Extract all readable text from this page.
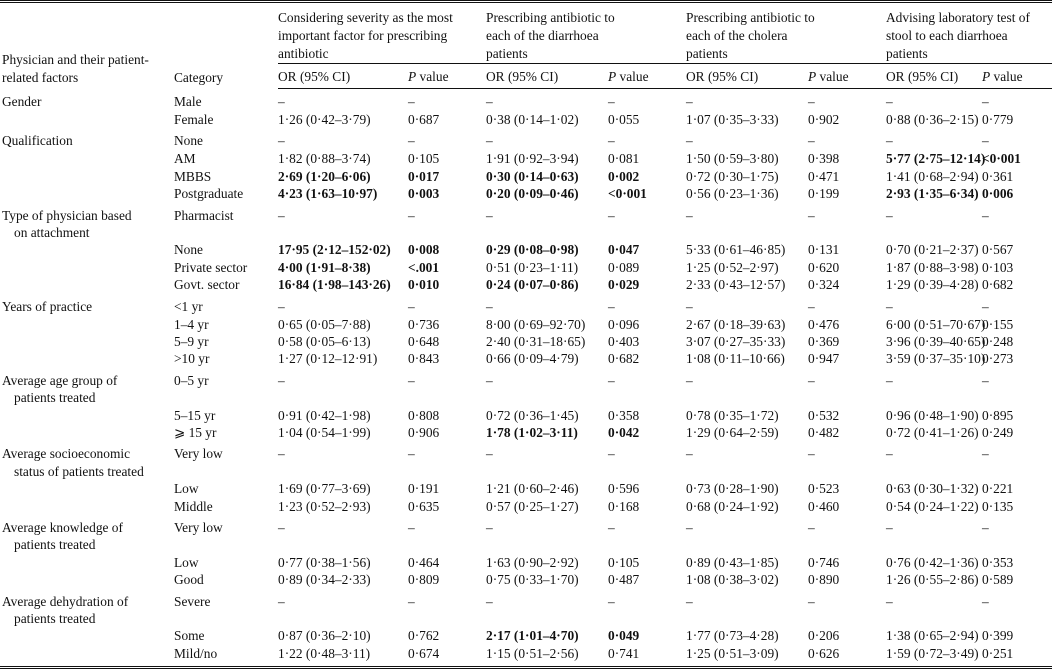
Physician and their patient-related factors	Category	Considering severity as the most important factor for prescribing antibiotic		Prescribing antibiotic to each of the diarrhoea patients		Prescribing antibiotic to each of the cholera patients		Advising laboratory test of stool to each diarrhoea patients	

		OR (95% CI)	P value	OR (95% CI)	P value	OR (95% CI)	P value	OR (95% CI)	P value

Gender	Male	–	–	–	–	–	–	–	–
	Female	1·26 (0·42–3·79)	0·687	0·38 (0·14–1·02)	0·055	1·07 (0·35–3·33)	0·902	0·88 (0·36–2·15)	0·779

Qualification	None	–	–	–	–	–	–	–	–
	AM	1·82 (0·88–3·74)	0·105	1·91 (0·92–3·94)	0·081	1·50 (0·59–3·80)	0·398	5·77 (2·75–12·14)	<0·001
	MBBS	2·69 (1·20–6·06)	0·017	0·30 (0·14–0·63)	0·002	0·72 (0·30–1·75)	0·471	1·41 (0·68–2·94)	0·361
	Postgraduate	4·23 (1·63–10·97)	0·003	0·20 (0·09–0·46)	<0·001	0·56 (0·23–1·36)	0·199	2·93 (1·35–6·34)	0·006

Type of physician based
on attachment	Pharmacist	–	–	–	–	–	–	–	–
	None	17·95 (2·12–152·02)	0·008	0·29 (0·08–0·98)	0·047	5·33 (0·61–46·85)	0·131	0·70 (0·21–2·37)	0·567
	Private sector	4·00 (1·91–8·38)	<.001	0·51 (0·23–1·11)	0·089	1·25 (0·52–2·97)	0·620	1·87 (0·88–3·98)	0·103
	Govt. sector	16·84 (1·98–143·26)	0·010	0·24 (0·07–0·86)	0·029	2·33 (0·43–12·57)	0·324	1·29 (0·39–4·28)	0·682

Years of practice	<1 yr	–	–	–	–	–	–	–	–
	1–4 yr	0·65 (0·05–7·88)	0·736	8·00 (0·69–92·70)	0·096	2·67 (0·18–39·63)	0·476	6·00 (0·51–70·67)	0·155
	5–9 yr	0·58 (0·05–6·13)	0·648	2·40 (0·31–18·65)	0·403	3·07 (0·27–35·33)	0·369	3·96 (0·39–40·65)	0·248
	>10 yr	1·27 (0·12–12·91)	0·843	0·66 (0·09–4·79)	0·682	1·08 (0·11–10·66)	0·947	3·59 (0·37–35·10)	0·273

Average age group of
patients treated	0–5 yr	–	–	–	–	–	–	–	–
	5–15 yr	0·91 (0·42–1·98)	0·808	0·72 (0·36–1·45)	0·358	0·78 (0·35–1·72)	0·532	0·96 (0·48–1·90)	0·895
	⩾ 15 yr	1·04 (0·54–1·99)	0·906	1·78 (1·02–3·11)	0·042	1·29 (0·64–2·59)	0·482	0·72 (0·41–1·26)	0·249

Average socioeconomic
status of patients treated	Very low	–	–	–	–	–	–	–	–
	Low	1·69 (0·77–3·69)	0·191	1·21 (0·60–2·46)	0·596	0·73 (0·28–1·90)	0·523	0·63 (0·30–1·32)	0·221
	Middle	1·23 (0·52–2·93)	0·635	0·57 (0·25–1·27)	0·168	0·68 (0·24–1·92)	0·460	0·54 (0·24–1·22)	0·135

Average knowledge of
patients treated	Very low	–	–	–	–	–	–	–	–
	Low	0·77 (0·38–1·56)	0·464	1·63 (0·90–2·92)	0·105	0·89 (0·43–1·85)	0·746	0·76 (0·42–1·36)	0·353
	Good	0·89 (0·34–2·33)	0·809	0·75 (0·33–1·70)	0·487	1·08 (0·38–3·02)	0·890	1·26 (0·55–2·86)	0·589

Average dehydration of
patients treated	Severe	–	–	–	–	–	–	–	–
	Some	0·87 (0·36–2·10)	0·762	2·17 (1·01–4·70)	0·049	1·77 (0·73–4·28)	0·206	1·38 (0·65–2·94)	0·399
	Mild/no	1·22 (0·48–3·11)	0·674	1·15 (0·51–2·56)	0·741	1·25 (0·51–3·09)	0·626	1·59 (0·72–3·49)	0·251
